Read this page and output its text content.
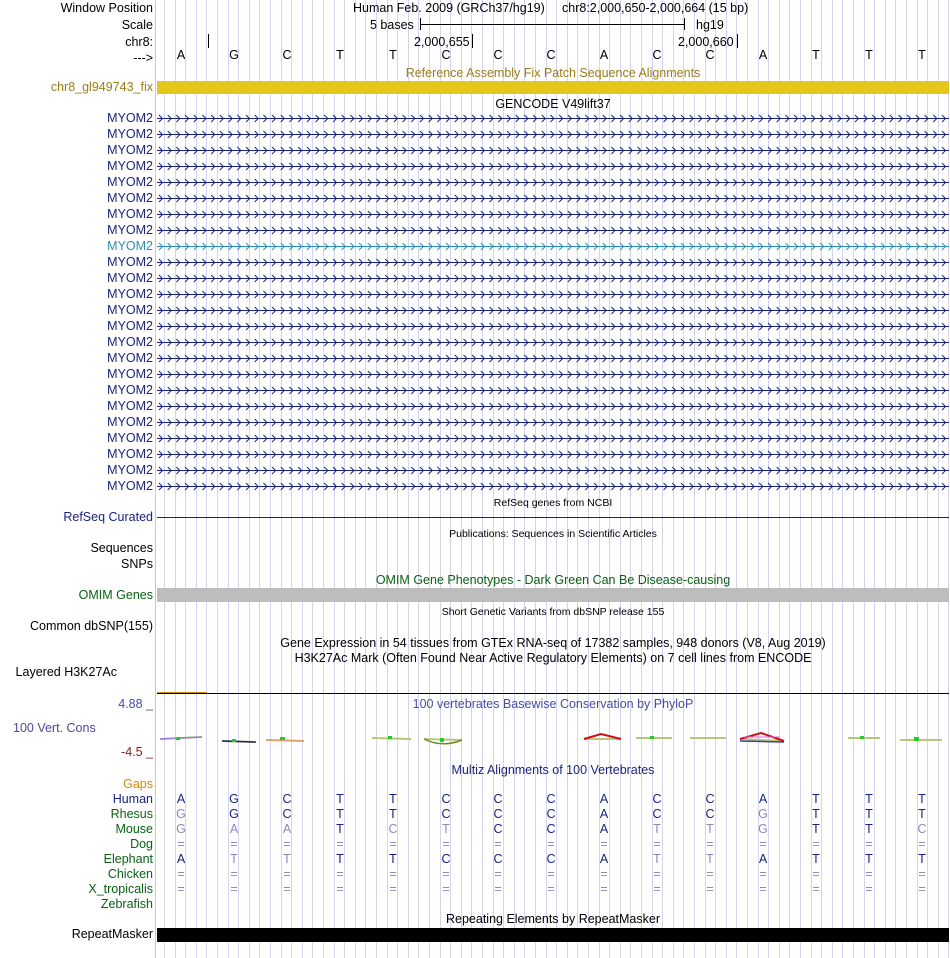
Window Position	Human Feb. 2009 (GRCh37/hg19) chr8:2,000,650-2,000,664 (15 bp)
Scale	5 bases	hg19
chr8:	2,000,655	2,000,660
--->	A	G	C	T	T	C	C	C	A	C	C	A	T	T	T
Reference Assembly Fix Patch Sequence Alignments
chr8_gl949743_fix
GENCODE V49lift37
MYOM2
MYOM2
MYOM2
MYOM2
MYOM2
MYOM2
MYOM2
MYOM2
MYOM2
MYOM2
MYOM2
MYOM2
MYOM2
MYOM2
MYOM2
MYOM2
MYOM2
MYOM2
MYOM2
MYOM2
MYOM2
MYOM2
MYOM2
MYOM2
RefSeq genes from NCBI
RefSeq Curated
Publications: Sequences in Scientific Articles
Sequences
SNPs
OMIM Gene Phenotypes - Dark Green Can Be Disease-causing
OMIM Genes
Short Genetic Variants from dbSNP release 155
Common dbSNP(155)
Gene Expression in 54 tissues from GTEx RNA-seq of 17382 samples, 948 donors (V8, Aug 2019)
H3K27Ac Mark (Often Found Near Active Regulatory Elements) on 7 cell lines from ENCODE
Layered H3K27Ac
100 vertebrates Basewise Conservation by PhyloP
4.88 _
100 Vert. Cons
-4.5 _
Multiz Alignments of 100 Vertebrates
Gaps
Human	A	G	C	T	T	C	C	C	A	C	C	A	T	T	T
Rhesus	G	G	C	T	T	C	C	C	A	C	C	G	T	T	T
Mouse	G	A	A	T	C	T	C	C	A	T	T	G	T	T	C
Dog	=	=	=	=	=	=	=	=	=	=	=	=	=	=	=
Elephant	A	T	T	T	T	C	C	C	A	T	T	A	T	T	T
Chicken	=	=	=	=	=	=	=	=	=	=	=	=	=	=	=
X_tropicalis	=	=	=	=	=	=	=	=	=	=	=	=	=	=	=
Zebrafish
Repeating Elements by RepeatMasker
RepeatMasker
